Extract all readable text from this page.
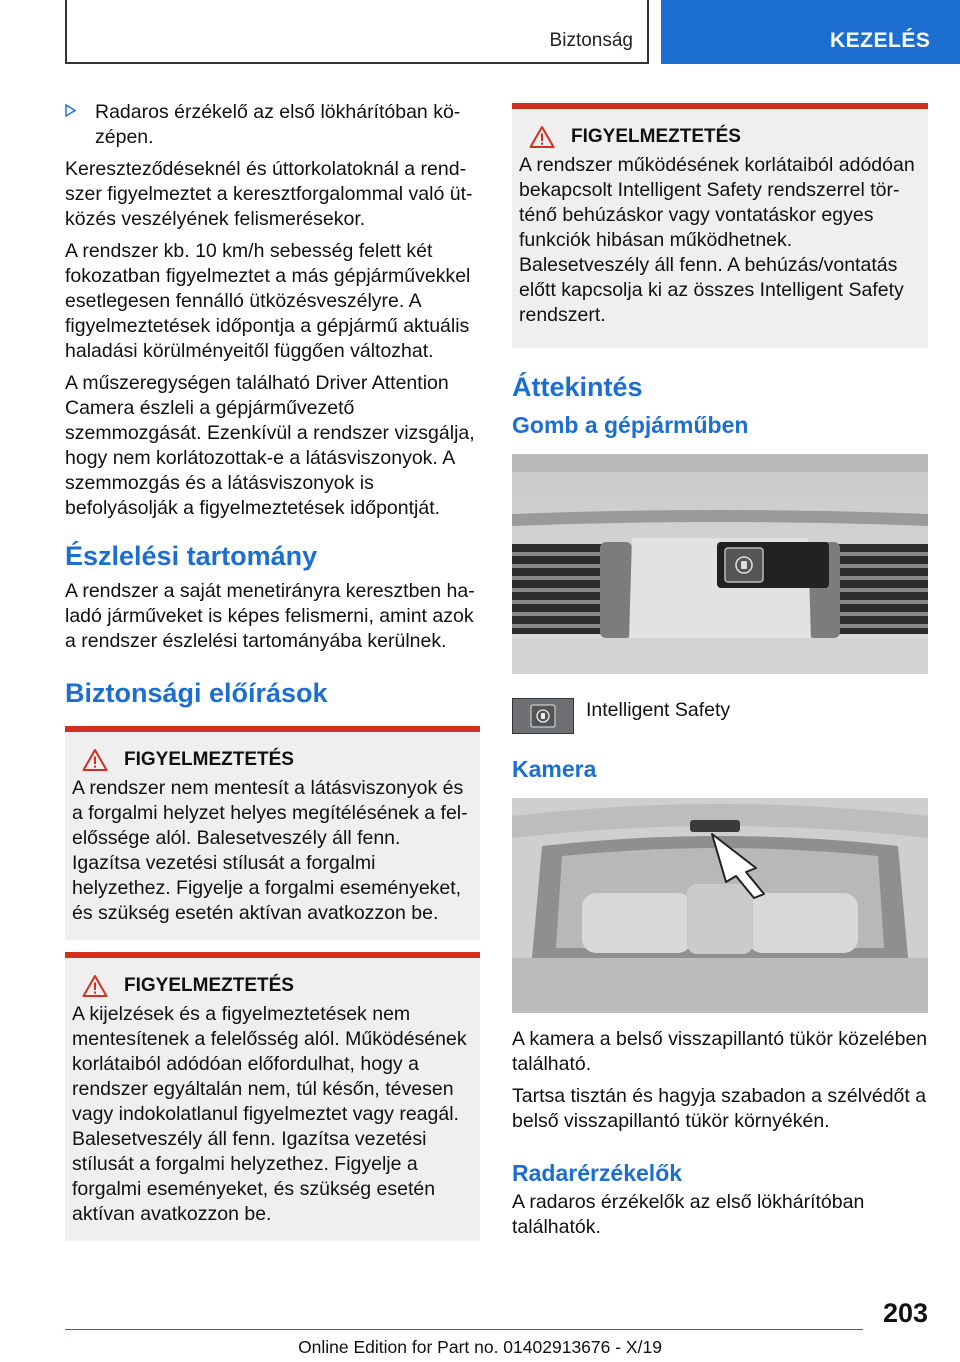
Biztonság	KEZELÉS
Radaros érzékelő az első lökhárítóban középen.

Kereszteződéseknél és úttorkolatoknál a rendszer figyelmeztet a keresztforgalommal való ütközés veszélyének felismerésekor.

A rendszer kb. 10 km/h sebesség felett két fokozatban figyelmeztet a más gépjárművekkel esetlegesen fennálló ütközésveszélyre. A figyelmeztetések időpontja a gépjármű aktuális haladási körülményeitől függően változhat.

A műszeregységen található Driver Attention Camera észleli a gépjárművezető szemmozgását. Ezenkívül a rendszer vizsgálja, hogy nem korlátozottak-e a látásviszonyok. A szemmozgás és a látásviszonyok is befolyásolják a figyelmeztetések időpontját.

Észlelési tartomány

A rendszer a saját menetirányra keresztben haladó járműveket is képes felismerni, amint azok a rendszer észlelési tartományába kerülnek.

Biztonsági előírások
FIGYELMEZTETÉS

A rendszer nem mentesít a látásviszonyok és a forgalmi helyzet helyes megítélésének a felelőssége alól. Balesetveszély áll fenn. Igazítsa vezetési stílusát a forgalmi helyzethez. Figyelje a forgalmi eseményeket, és szükség esetén aktívan avatkozzon be.

FIGYELMEZTETÉS

A kijelzések és a figyelmeztetések nem mentesítenek a felelősség alól. Működésének korlátaiból adódóan előfordulhat, hogy a rendszer egyáltalán nem, túl későn, tévesen vagy indokolatlanul figyelmeztet vagy reagál. Balesetveszély áll fenn. Igazítsa vezetési stílusát a forgalmi helyzethez. Figyelje a forgalmi eseményeket, és szükség esetén aktívan avatkozzon be.

FIGYELMEZTETÉS

A rendszer működésének korlátaiból adódóan bekapcsolt Intelligent Safety rendszerrel történő behúzáskor vagy vontatáskor egyes funkciók hibásan működhetnek. Balesetveszély áll fenn. A behúzás/vontatás előtt kapcsolja ki az összes Intelligent Safety rendszert.

Áttekintés
Gomb a gépjárműben
Intelligent Safety
Kamera

A kamera a belső visszapillantó tükör közelében található.

Tartsa tisztán és hagyja szabadon a szélvédőt a belső visszapillantó tükör környékén.

Radarérzékelők

A radaros érzékelők az első lökhárítóban találhatók.

203
Online Edition for Part no. 01402913676 - X/19
